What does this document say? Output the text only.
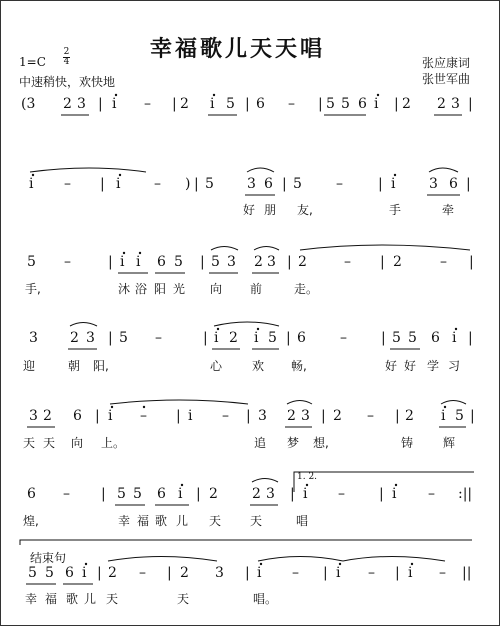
幸福歌儿天天唱
1=C
2
4
中速稍快，欢快地
张应康词
张世军曲
(3 2 3 | i – | 2 i 5 | 6 – | 5 5 6 i | 2 2 3 |
i – | i – ) | 5 3 6 | 5 –	| i 3 6 |
好 朋 友,	手	牵
5 –	| i i 6 5 | 5 3 2 3 | 2	– | 2	– |
手,	沐 浴 阳 光 向 前	走。
3 2 3 | 5 –	| i 2 i 5 | 6 – | 5 5 6 i |
迎	朝 阳,	心 欢 畅,	好 好 学 习
3 2 6 | i – | i – | 3 2 3 | 2 – | 2 i 5 |
天 天 向 上。	追 梦 想,	铸 辉
1. 2.
6 – | 5 5 6 i | 2 2 3 | i – | i – :||
煌,	幸 福 歌 儿 天 天	唱
结束句
5 5 6 i | 2 – | 2 3 | i – | i – | i – ||
幸 福 歌 儿 天	天	唱。
